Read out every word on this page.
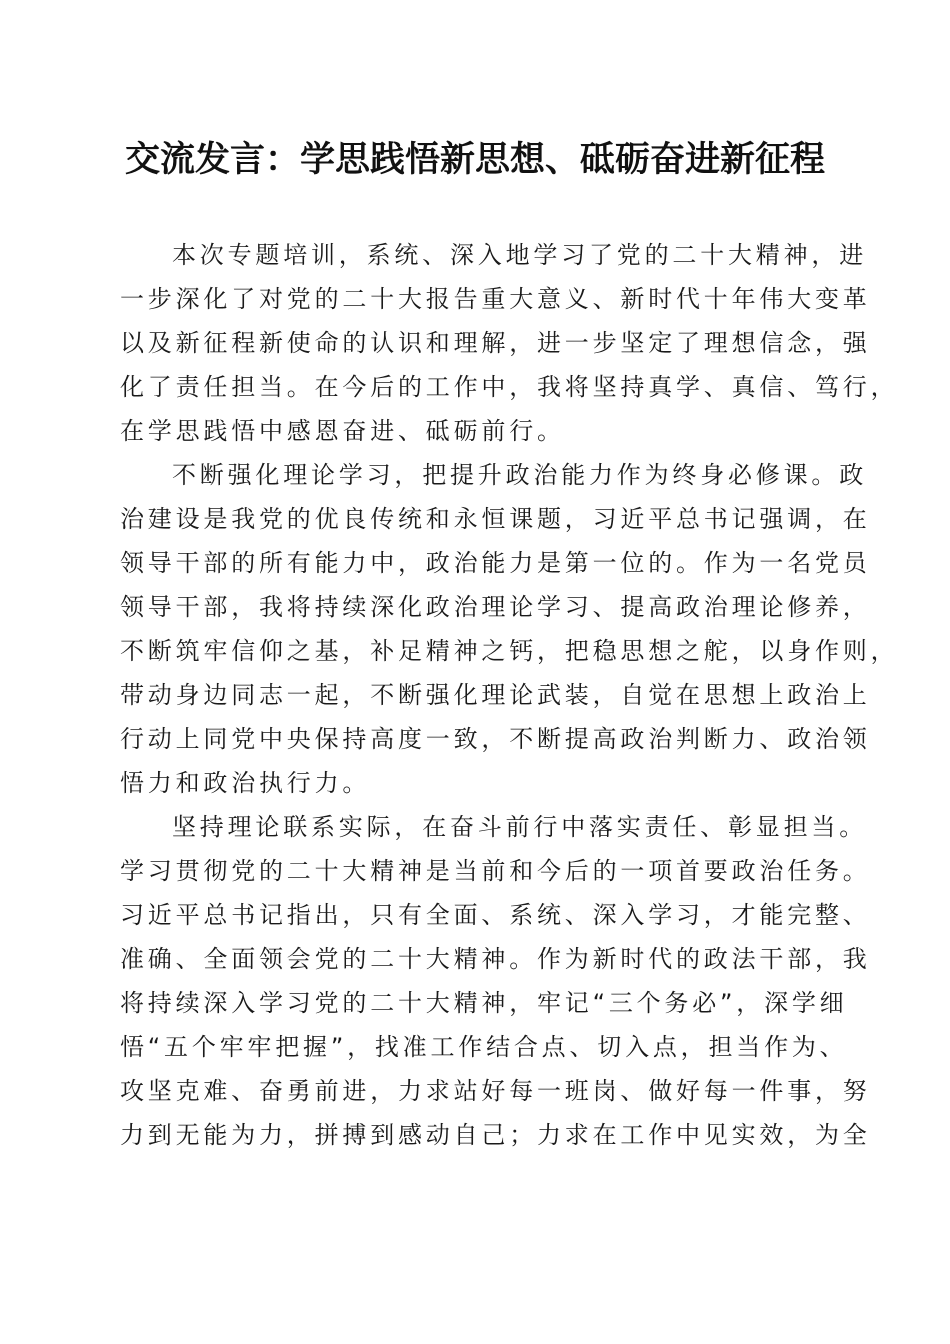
交流发言：学思践悟新思想、砥砺奋进新征程
本次专题培训，系统、深入地学习了党的二十大精神，进
一步深化了对党的二十大报告重大意义、新时代十年伟大变革
以及新征程新使命的认识和理解，进一步坚定了理想信念，强
化了责任担当。在今后的工作中，我将坚持真学、真信、笃行，
在学思践悟中感恩奋进、砥砺前行。
不断强化理论学习，把提升政治能力作为终身必修课。政
治建设是我党的优良传统和永恒课题，习近平总书记强调，在
领导干部的所有能力中，政治能力是第一位的。作为一名党员
领导干部，我将持续深化政治理论学习、提高政治理论修养，
不断筑牢信仰之基，补足精神之钙，把稳思想之舵，以身作则，
带动身边同志一起，不断强化理论武装，自觉在思想上政治上
行动上同党中央保持高度一致，不断提高政治判断力、政治领
悟力和政治执行力。
坚持理论联系实际，在奋斗前行中落实责任、彰显担当。
学习贯彻党的二十大精神是当前和今后的一项首要政治任务。
习近平总书记指出，只有全面、系统、深入学习，才能完整、
准确、全面领会党的二十大精神。作为新时代的政法干部，我
将持续深入学习党的二十大精神，牢记“三个务必”，深学细
悟“五个牢牢把握”，找准工作结合点、切入点，担当作为、
攻坚克难、奋勇前进，力求站好每一班岗、做好每一件事，努
力到无能为力，拼搏到感动自己；力求在工作中见实效，为全
